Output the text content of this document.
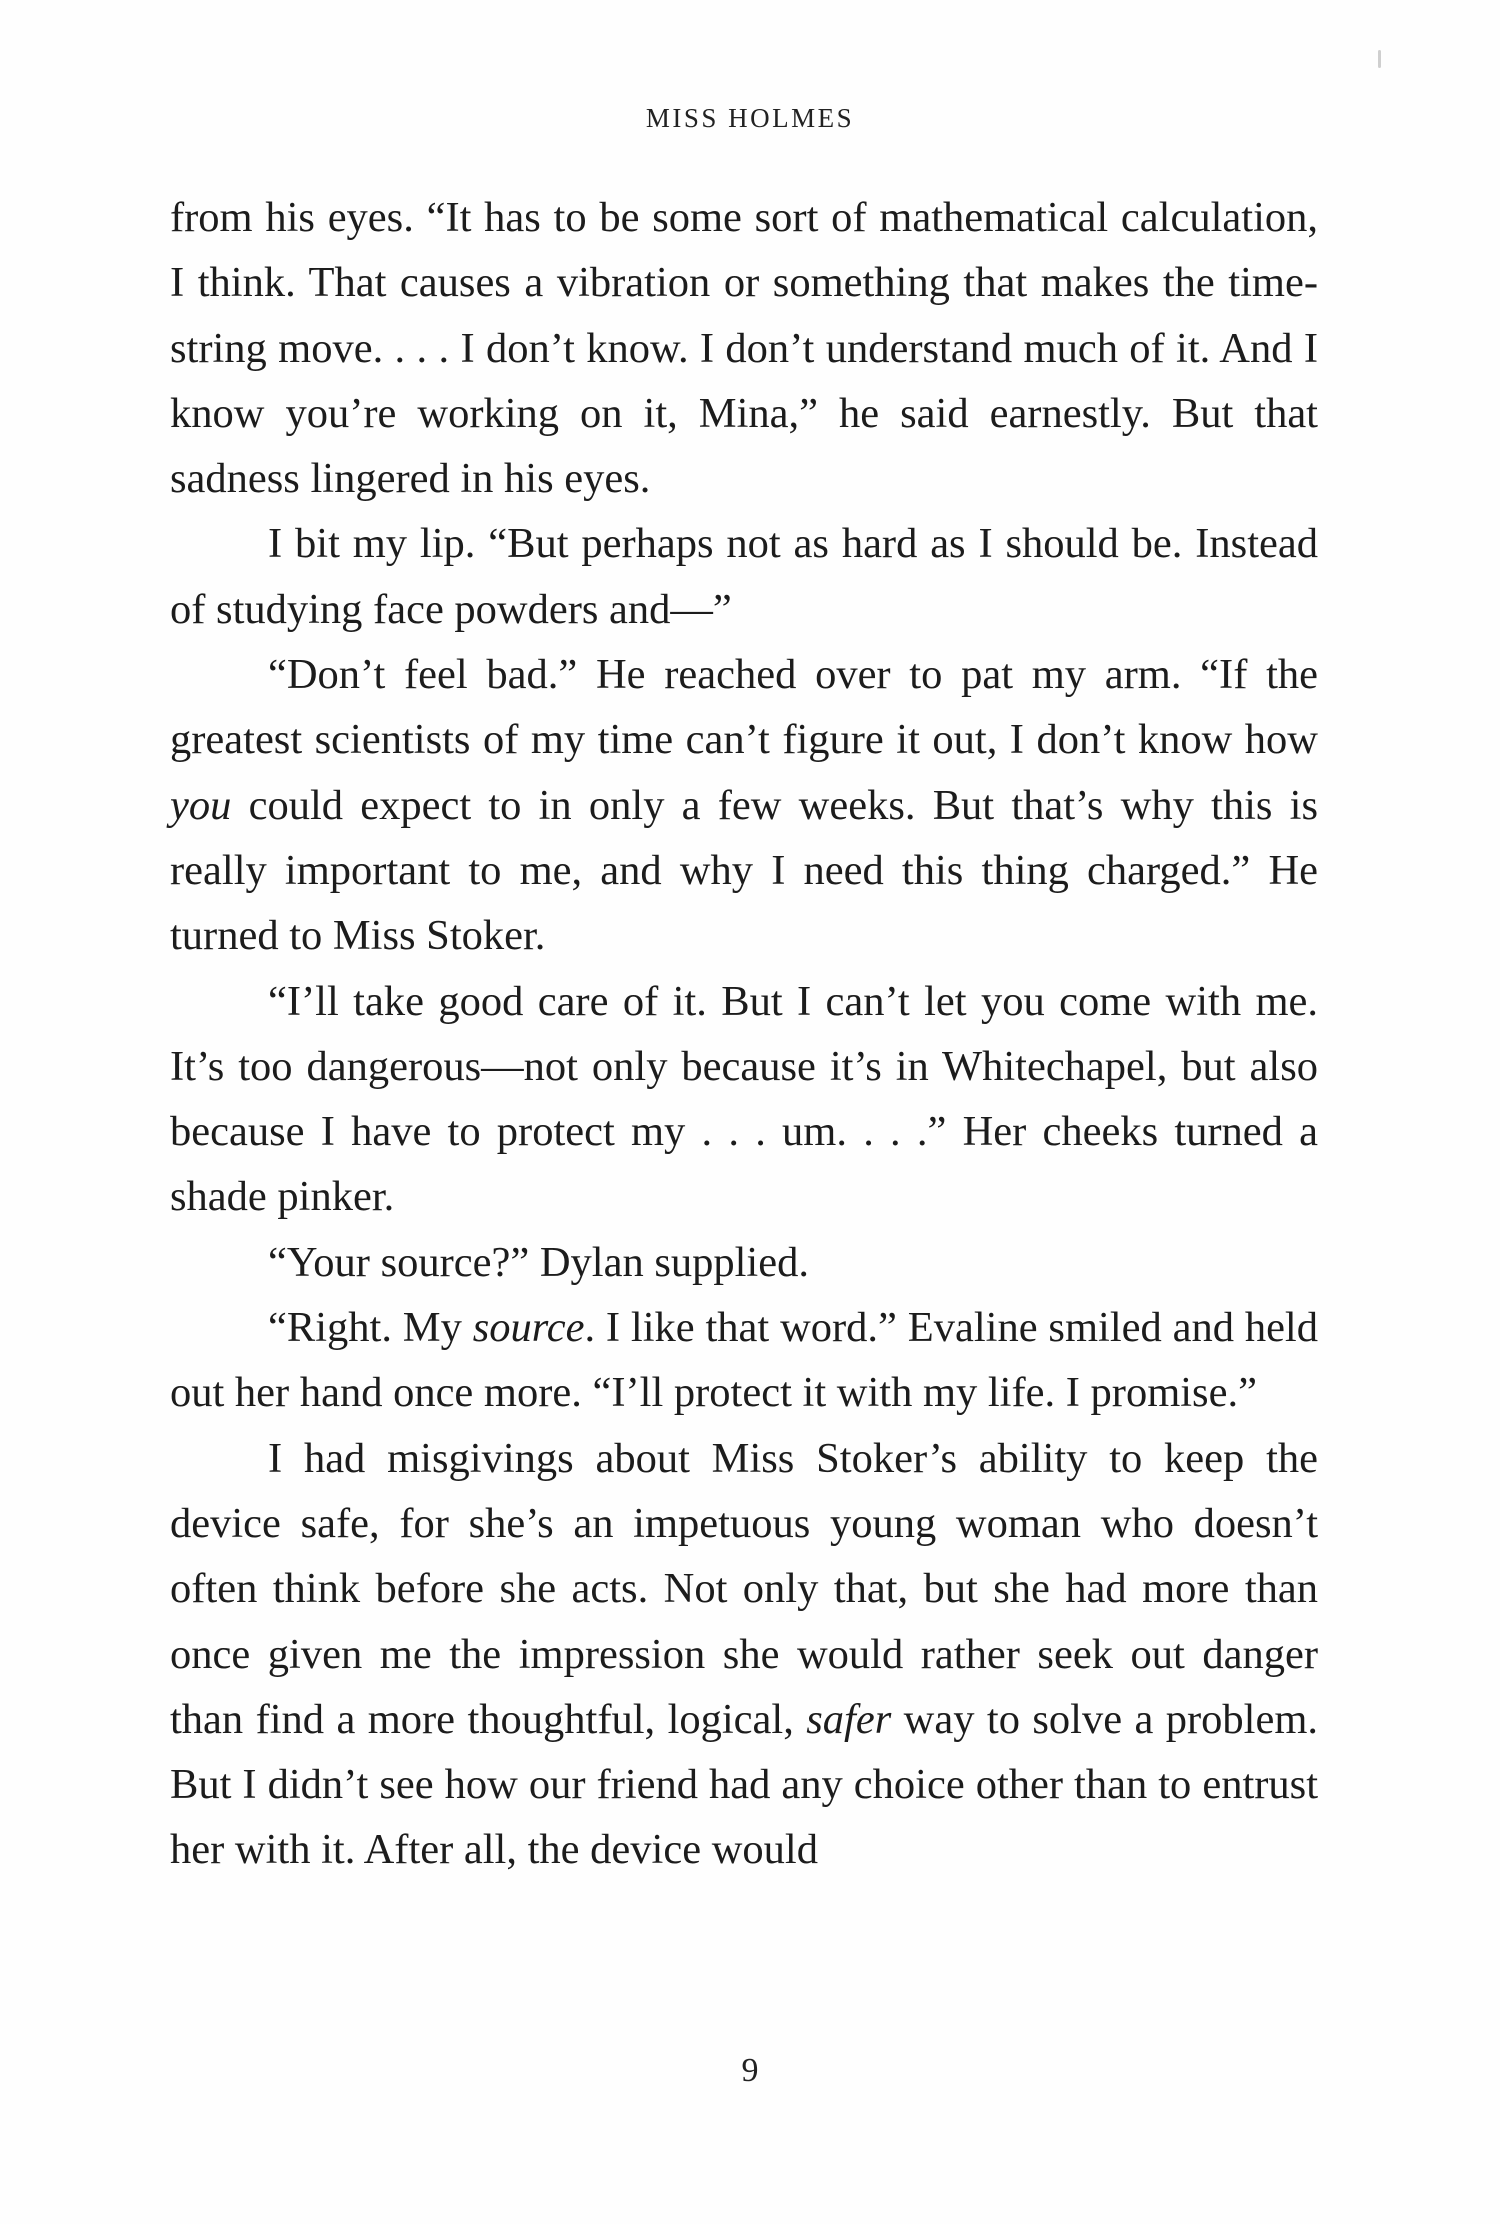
MISS HOLMES

from his eyes. “It has to be some sort of mathematical calculation, I think. That causes a vibration or something that makes the time-string move. . . . I don’t know. I don’t understand much of it. And I know you’re working on it, Mina,” he said earnestly. But that sadness lingered in his eyes.

I bit my lip. “But perhaps not as hard as I should be. Instead of studying face powders and—”

“Don’t feel bad.” He reached over to pat my arm. “If the greatest scientists of my time can’t figure it out, I don’t know how you could expect to in only a few weeks. But that’s why this is really important to me, and why I need this thing charged.” He turned to Miss Stoker.

“I’ll take good care of it. But I can’t let you come with me. It’s too dangerous—not only because it’s in Whitechapel, but also because I have to protect my . . . um. . . .” Her cheeks turned a shade pinker.

“Your source?” Dylan supplied.

“Right. My source. I like that word.” Evaline smiled and held out her hand once more. “I’ll protect it with my life. I promise.”

I had misgivings about Miss Stoker’s ability to keep the device safe, for she’s an impetuous young woman who doesn’t often think before she acts. Not only that, but she had more than once given me the impression she would rather seek out danger than find a more thoughtful, logical, safer way to solve a problem. But I didn’t see how our friend had any choice other than to entrust her with it. After all, the device would

9
